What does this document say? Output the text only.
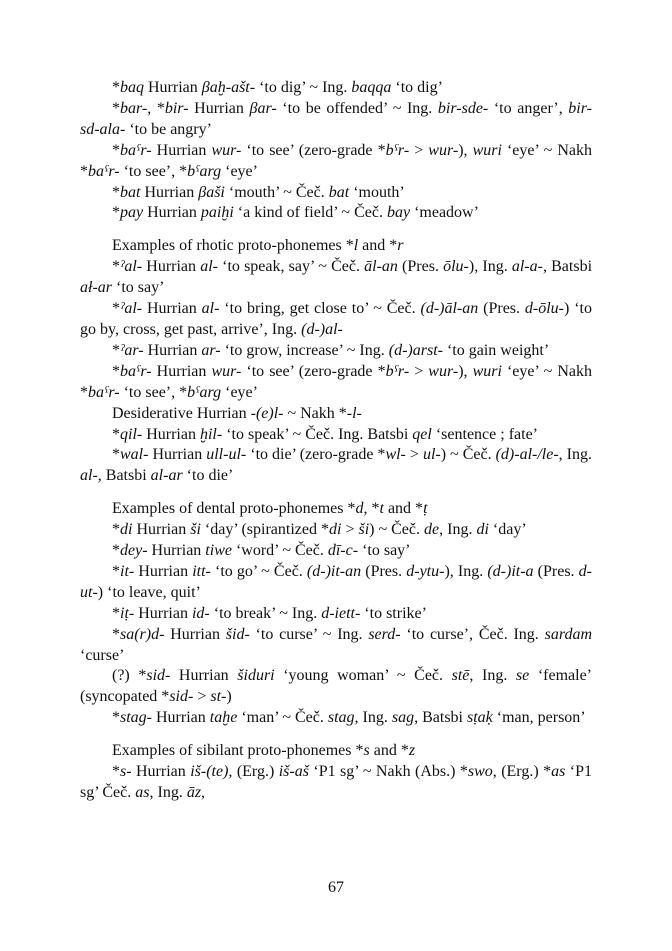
*baq Hurrian βaḫ-ašt- ‘to dig’ ~ Ing. baqqa ‘to dig’

*bar-, *bir- Hurrian βar- ‘to be offended’ ~ Ing. bir-sde- ‘to anger’, bir-sd-ala- ‘to be angry’

*baˤr- Hurrian wur- ‘to see’ (zero-grade *bˤr- > wur-), wuri ‘eye’ ~ Nakh *baˤr- ‘to see’, *bˤarg ‘eye’

*bat Hurrian βaši ‘mouth’ ~ Čeč. bat ‘mouth’

*pay Hurrian paiḫi ‘a kind of field’ ~ Čeč. bay ‘meadow’

Examples of rhotic proto-phonemes *l and *r

*ˀal- Hurrian al- ‘to speak, say’ ~ Čeč. āl-an (Pres. ōlu-), Ing. al-a-, Batsbi ał-ar ‘to say’

*ˀal- Hurrian al- ‘to bring, get close to’ ~ Čeč. (d-)āl-an (Pres. d-ōlu-) ‘to go by, cross, get past, arrive’, Ing. (d-)al-

*ˀar- Hurrian ar- ‘to grow, increase’ ~ Ing. (d-)arst- ‘to gain weight’

*baˤr- Hurrian wur- ‘to see’ (zero-grade *bˤr- > wur-), wuri ‘eye’ ~ Nakh *baˤr- ‘to see’, *bˤarg ‘eye’

Desiderative Hurrian -(e)l- ~ Nakh *-l-

*qil- Hurrian ḫil- ‘to speak’ ~ Čeč. Ing. Batsbi qel ‘sentence ; fate’

*wal- Hurrian ull-ul- ‘to die’ (zero-grade *wl- > ul-) ~ Čeč. (d)-al-/le-, Ing. al-, Batsbi al-ar ‘to die’

Examples of dental proto-phonemes *d, *t and *ṭ

*di Hurrian ši ‘day’ (spirantized *di > ši) ~ Čeč. de, Ing. di ‘day’

*dey- Hurrian tiwe ‘word’ ~ Čeč. dī-c- ‘to say’

*it- Hurrian itt- ‘to go’ ~ Čeč. (d-)it-an (Pres. d-ytu-), Ing. (d-)it-a (Pres. d-ut-) ‘to leave, quit’

*iṭ- Hurrian id- ‘to break’ ~ Ing. d-iett- ‘to strike’

*sa(r)d- Hurrian šid- ‘to curse’ ~ Ing. serd- ‘to curse’, Čeč. Ing. sardam ‘curse’

(?) *sid- Hurrian šiduri ‘young woman’ ~ Čeč. stē, Ing. se ‘female’ (syncopated *sid- > st-)

*stag- Hurrian taḫe ‘man’ ~ Čeč. stag, Ing. sag, Batsbi sṭaḳ ‘man, person’

Examples of sibilant proto-phonemes *s and *z

*s- Hurrian iš-(te), (Erg.) iš-aš ‘P1 sg’ ~ Nakh (Abs.) *swo, (Erg.) *as ‘P1 sg’ Čeč. as, Ing. āz,

67
